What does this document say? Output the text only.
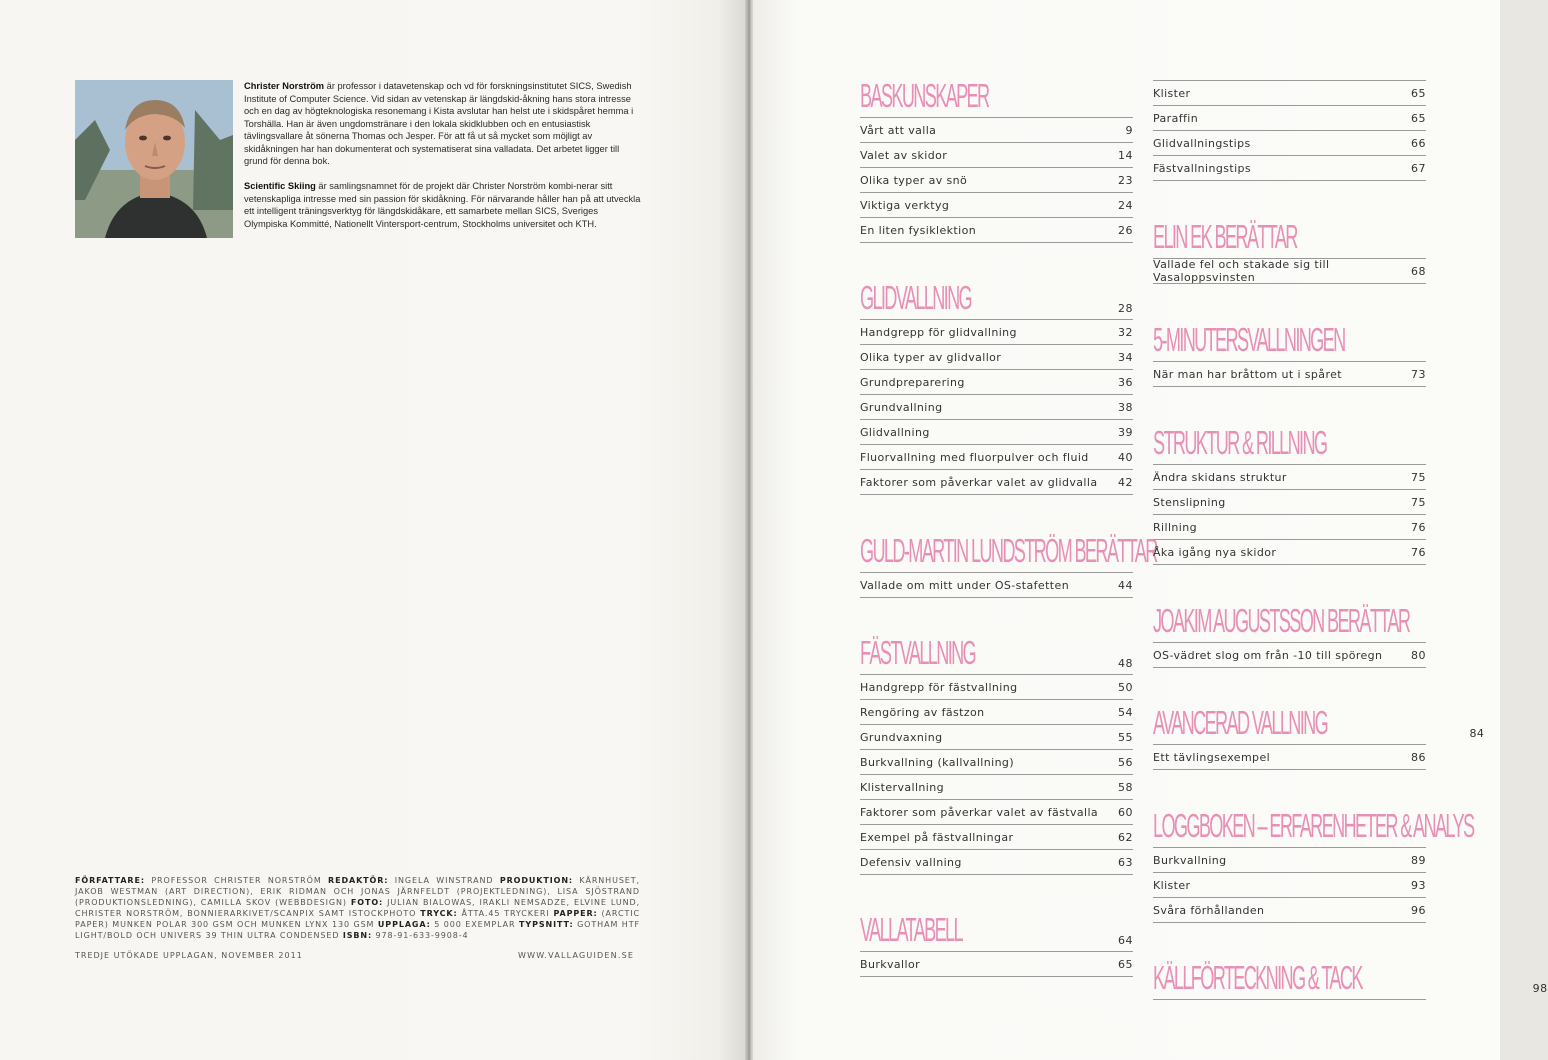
Christer Norström är professor i datavetenskap och vd för forskningsinstitutet SICS, Swedish Institute of Computer Science. Vid sidan av vetenskap är längdskid-åkning hans stora intresse och en dag av högteknologiska resonemang i Kista avslutar han helst ute i skidspåret hemma i Torshälla. Han är även ungdomstränare i den lokala skidklubben och en entusiastisk tävlingsvallare åt sönerna Thomas och Jesper. För att få ut så mycket som möjligt av skidåkningen har han dokumenterat och systematiserat sina valladata. Det arbetet ligger till grund för denna bok.

Scientific Skiing är samlingsnamnet för de projekt där Christer Norström kombi-nerar sitt vetenskapliga intresse med sin passion för skidåkning. För närvarande håller han på att utveckla ett intelligent träningsverktyg för längdskidåkare, ett samarbete mellan SICS, Sveriges Olympiska Kommitté, Nationellt Vintersport-centrum, Stockholms universitet och KTH.

FÖRFATTARE: PROFESSOR CHRISTER NORSTRÖM REDAKTÖR: INGELA WINSTRAND PRODUKTION: KÄRNHUSET, JAKOB WESTMAN (ART DIRECTION), ERIK RIDMAN OCH JONAS JÄRNFELDT (PROJEKTLEDNING), LISA SJÖSTRAND (PRODUKTIONSLEDNING), CAMILLA SKOV (WEBBDESIGN) FOTO: JULIAN BIALOWAS, IRAKLI NEMSADZE, ELVINE LUND, CHRISTER NORSTRÖM, BONNIERARKIVET/SCANPIX SAMT ISTOCKPHOTO TRYCK: ÅTTA.45 TRYCKERI PAPPER: (ARCTIC PAPER) MUNKEN POLAR 300 GSM OCH MUNKEN LYNX 130 GSM UPPLAGA: 5 000 EXEMPLAR TYPSNITT: GOTHAM HTF LIGHT/BOLD OCH UNIVERS 39 THIN ULTRA CONDENSED ISBN: 978-91-633-9908-4
TREDJE UTÖKADE UPPLAGAN, NOVEMBER 2011	WWW.VALLAGUIDEN.SE
BASKUNSKAPER
Vårt att valla	9
Valet av skidor	14
Olika typer av snö	23
Viktiga verktyg	24
En liten fysiklektion	26
GLIDVALLNING	28
Handgrepp för glidvallning	32
Olika typer av glidvallor	34
Grundpreparering	36
Grundvallning	38
Glidvallning	39
Fluorvallning med fluorpulver och fluid	40
Faktorer som påverkar valet av glidvalla 42
GULD-MARTIN LUNDSTRÖM BERÄTTAR
Vallade om mitt under OS-stafetten	44
FÄSTVALLNING	48
Handgrepp för fästvallning	50
Rengöring av fästzon	54
Grundvaxning	55
Burkvallning (kallvallning)	56
Klistervallning	58
Faktorer som påverkar valet av fästvalla 60
Exempel på fästvallningar	62
Defensiv vallning	63
VALLATABELL	64
Burkvallor	65
Klister	65
Paraffin	65
Glidvallningstips	66
Fästvallningstips	67
ELIN EK BERÄTTAR
Vallade fel och stakade sig till Vasaloppsvinsten	68
5-MINUTERSVALLNINGEN
När man har bråttom ut i spåret	73
STRUKTUR & RILLNING
Ändra skidans struktur	75
Stenslipning	75
Rillning	76
Åka igång nya skidor	76
JOAKIM AUGUSTSSON BERÄTTAR
OS-vädret slog om från -10 till spöregn	80
AVANCERAD VALLNING	84
Ett tävlingsexempel	86
LOGGBOKEN – ERFARENHETER & ANALYS
Burkvallning	89
Klister	93
Svåra förhållanden	96
KÄLLFÖRTECKNING & TACK	98
